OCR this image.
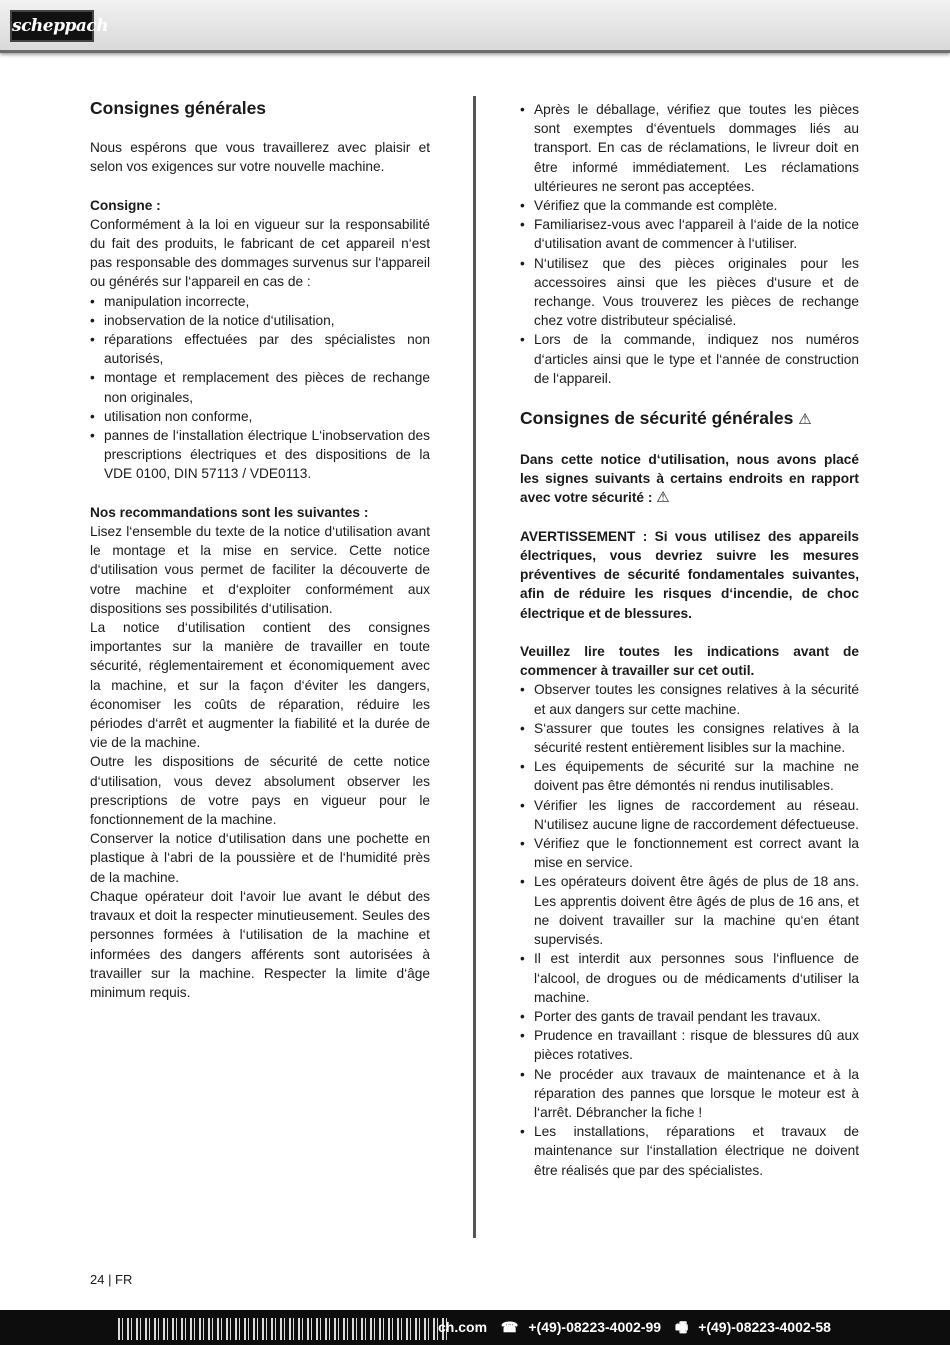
scheppach
Consignes générales

Nous espérons que vous travaillerez avec plaisir et selon vos exigences sur votre nouvelle machine.

Consigne :

Conformément à la loi en vigueur sur la responsabilité du fait des produits, le fabricant de cet appareil n‘est pas responsable des dommages survenus sur l‘appareil ou générés sur l‘appareil en cas de :

• manipulation incorrecte,
• inobservation de la notice d‘utilisation,
• réparations effectuées par des spécialistes non autorisés,
• montage et remplacement des pièces de rechange non originales,
• utilisation non conforme,
• pannes de l‘installation électrique L‘inobservation des prescriptions électriques et des dispositions de la VDE 0100, DIN 57113 / VDE0113.

Nos recommandations sont les suivantes :

Lisez l‘ensemble du texte de la notice d‘utilisation avant le montage et la mise en service. Cette notice d‘utilisation vous permet de faciliter la découverte de votre machine et d‘exploiter conformément aux dispositions ses possibilités d‘utilisation.

La notice d‘utilisation contient des consignes importantes sur la manière de travailler en toute sécurité, réglementairement et économiquement avec la machine, et sur la façon d‘éviter les dangers, économiser les coûts de réparation, réduire les périodes d‘arrêt et augmenter la fiabilité et la durée de vie de la machine.

Outre les dispositions de sécurité de cette notice d‘utilisation, vous devez absolument observer les prescriptions de votre pays en vigueur pour le fonctionnement de la machine.

Conserver la notice d‘utilisation dans une pochette en plastique à l‘abri de la poussière et de l‘humidité près de la machine.

Chaque opérateur doit l‘avoir lue avant le début des travaux et doit la respecter minutieusement. Seules des personnes formées à l‘utilisation de la machine et informées des dangers afférents sont autorisées à travailler sur la machine. Respecter la limite d‘âge minimum requis.

• Après le déballage, vérifiez que toutes les pièces sont exemptes d‘éventuels dommages liés au transport. En cas de réclamations, le livreur doit en être informé immédiatement. Les réclamations ultérieures ne seront pas acceptées.
• Vérifiez que la commande est complète.
• Familiarisez-vous avec l‘appareil à l‘aide de la notice d‘utilisation avant de commencer à l‘utiliser.
• N‘utilisez que des pièces originales pour les accessoires ainsi que les pièces d‘usure et de rechange. Vous trouverez les pièces de rechange chez votre distributeur spécialisé.
• Lors de la commande, indiquez nos numéros d‘articles ainsi que le type et l‘année de construction de l‘appareil.
Consignes de sécurité générales ⚠

Dans cette notice d‘utilisation, nous avons placé les signes suivants à certains endroits en rapport avec votre sécurité : ⚠

AVERTISSEMENT : Si vous utilisez des appareils électriques, vous devriez suivre les mesures préventives de sécurité fondamentales suivantes, afin de réduire les risques d‘incendie, de choc électrique et de blessures.

Veuillez lire toutes les indications avant de commencer à travailler sur cet outil.

• Observer toutes les consignes relatives à la sécurité et aux dangers sur cette machine.
• S‘assurer que toutes les consignes relatives à la sécurité restent entièrement lisibles sur la machine.
• Les équipements de sécurité sur la machine ne doivent pas être démontés ni rendus inutilisables.
• Vérifier les lignes de raccordement au réseau. N‘utilisez aucune ligne de raccordement défectueuse.
• Vérifiez que le fonctionnement est correct avant la mise en service.
• Les opérateurs doivent être âgés de plus de 18 ans. Les apprentis doivent être âgés de plus de 16 ans, et ne doivent travailler sur la machine qu‘en étant supervisés.
• Il est interdit aux personnes sous l‘influence de l‘alcool, de drogues ou de médicaments d‘utiliser la machine.
• Porter des gants de travail pendant les travaux.
• Prudence en travaillant : risque de blessures dû aux pièces rotatives.
• Ne procéder aux travaux de maintenance et à la réparation des pannes que lorsque le moteur est à l‘arrêt. Débrancher la fiche !
• Les installations, réparations et travaux de maintenance sur l‘installation électrique ne doivent être réalisés que par des spécialistes.
24 | FR
ch.com ☎ +(49)-08223-4002-99 🖷 +(49)-08223-4002-58
